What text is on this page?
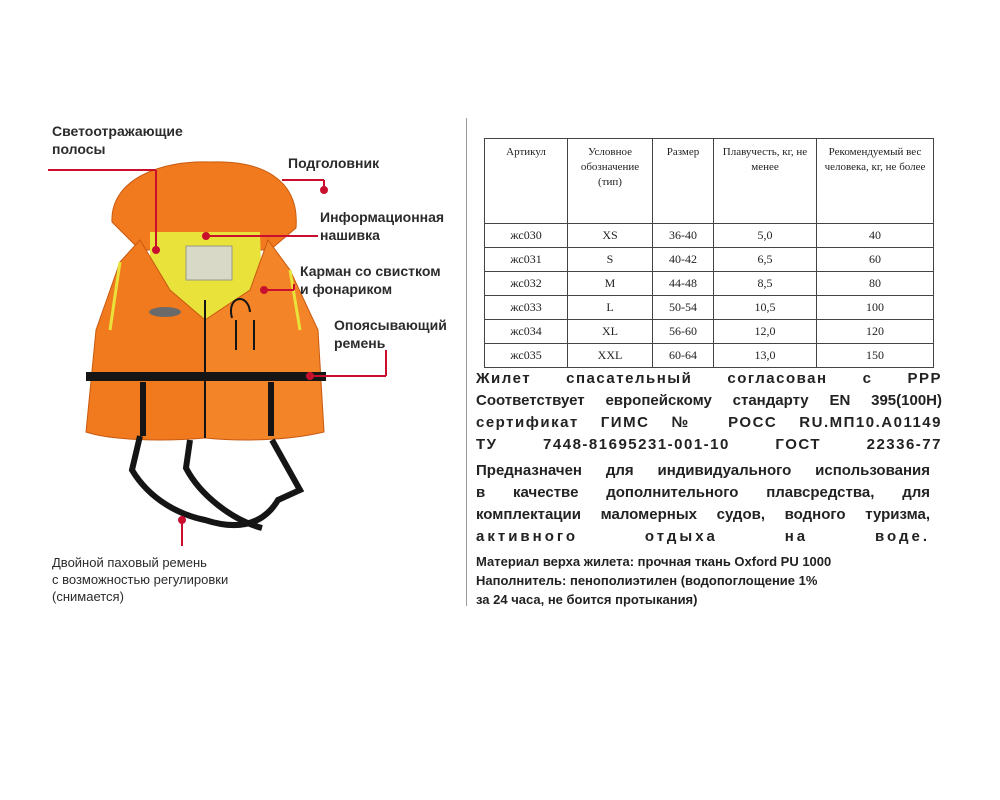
Светоотражающие
полосы
Подголовник
Информационная
нашивка
Карман со свистком
и фонариком
Опоясывающий
ремень
Двойной паховый ремень
с возможностью регулировки
(снимается)
Артикул	Условное обозначение (тип)	Размер	Плавучесть, кг, не менее	Рекомендуемый вес человека, кг, не более
жс030	XS	36-40	5,0	40
жс031	S	40-42	6,5	60
жс032	M	44-48	8,5	80
жс033	L	50-54	10,5	100
жс034	XL	56-60	12,0	120
жс035	XXL	60-64	13,0	150
Жилет спасательный согласован с РРР
Соответствует европейскому стандарту EN 395(100H)
сертификат ГИМС № РОСС RU.МП10.А01149
ТУ 7448-81695231-001-10 ГОСТ 22336-77
Предназначен для индивидуального использования
в качестве дополнительного плавсредства, для
комплектации маломерных судов, водного туризма,
активного отдыха на воде.
Материал верха жилета: прочная ткань Oxford PU 1000
Наполнитель: пенополиэтилен (водопоглощение 1%
за 24 часа, не боится протыкания)
